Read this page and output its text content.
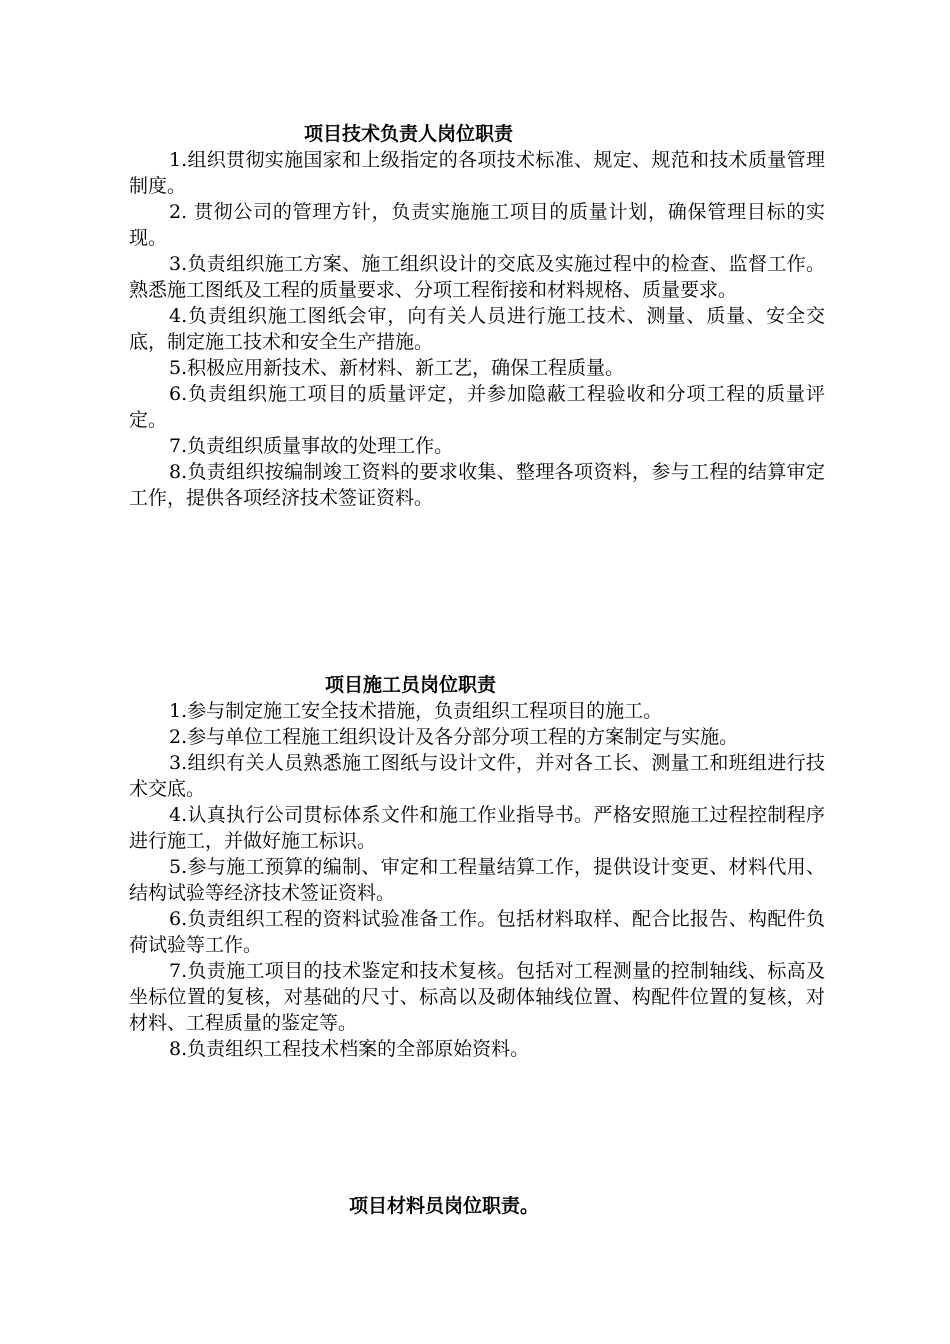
项目技术负责人岗位职责

1.组织贯彻实施国家和上级指定的各项技术标准、规定、规范和技术质量管理制度。

2. 贯彻公司的管理方针，负责实施施工项目的质量计划，确保管理目标的实现。

3.负责组织施工方案、施工组织设计的交底及实施过程中的检查、监督工作。熟悉施工图纸及工程的质量要求、分项工程衔接和材料规格、质量要求。

4.负责组织施工图纸会审，向有关人员进行施工技术、测量、质量、安全交底，制定施工技术和安全生产措施。

5.积极应用新技术、新材料、新工艺，确保工程质量。

6.负责组织施工项目的质量评定，并参加隐蔽工程验收和分项工程的质量评定。

7.负责组织质量事故的处理工作。

8.负责组织按编制竣工资料的要求收集、整理各项资料，参与工程的结算审定工作，提供各项经济技术签证资料。

项目施工员岗位职责

1.参与制定施工安全技术措施，负责组织工程项目的施工。

2.参与单位工程施工组织设计及各分部分项工程的方案制定与实施。

3.组织有关人员熟悉施工图纸与设计文件，并对各工长、测量工和班组进行技术交底。

4.认真执行公司贯标体系文件和施工作业指导书。严格安照施工过程控制程序进行施工，并做好施工标识。

5.参与施工预算的编制、审定和工程量结算工作，提供设计变更、材料代用、结构试验等经济技术签证资料。

6.负责组织工程的资料试验准备工作。包括材料取样、配合比报告、构配件负荷试验等工作。

7.负责施工项目的技术鉴定和技术复核。包括对工程测量的控制轴线、标高及坐标位置的复核，对基础的尺寸、标高以及砌体轴线位置、构配件位置的复核，对材料、工程质量的鉴定等。

8.负责组织工程技术档案的全部原始资料。

项目材料员岗位职责。
